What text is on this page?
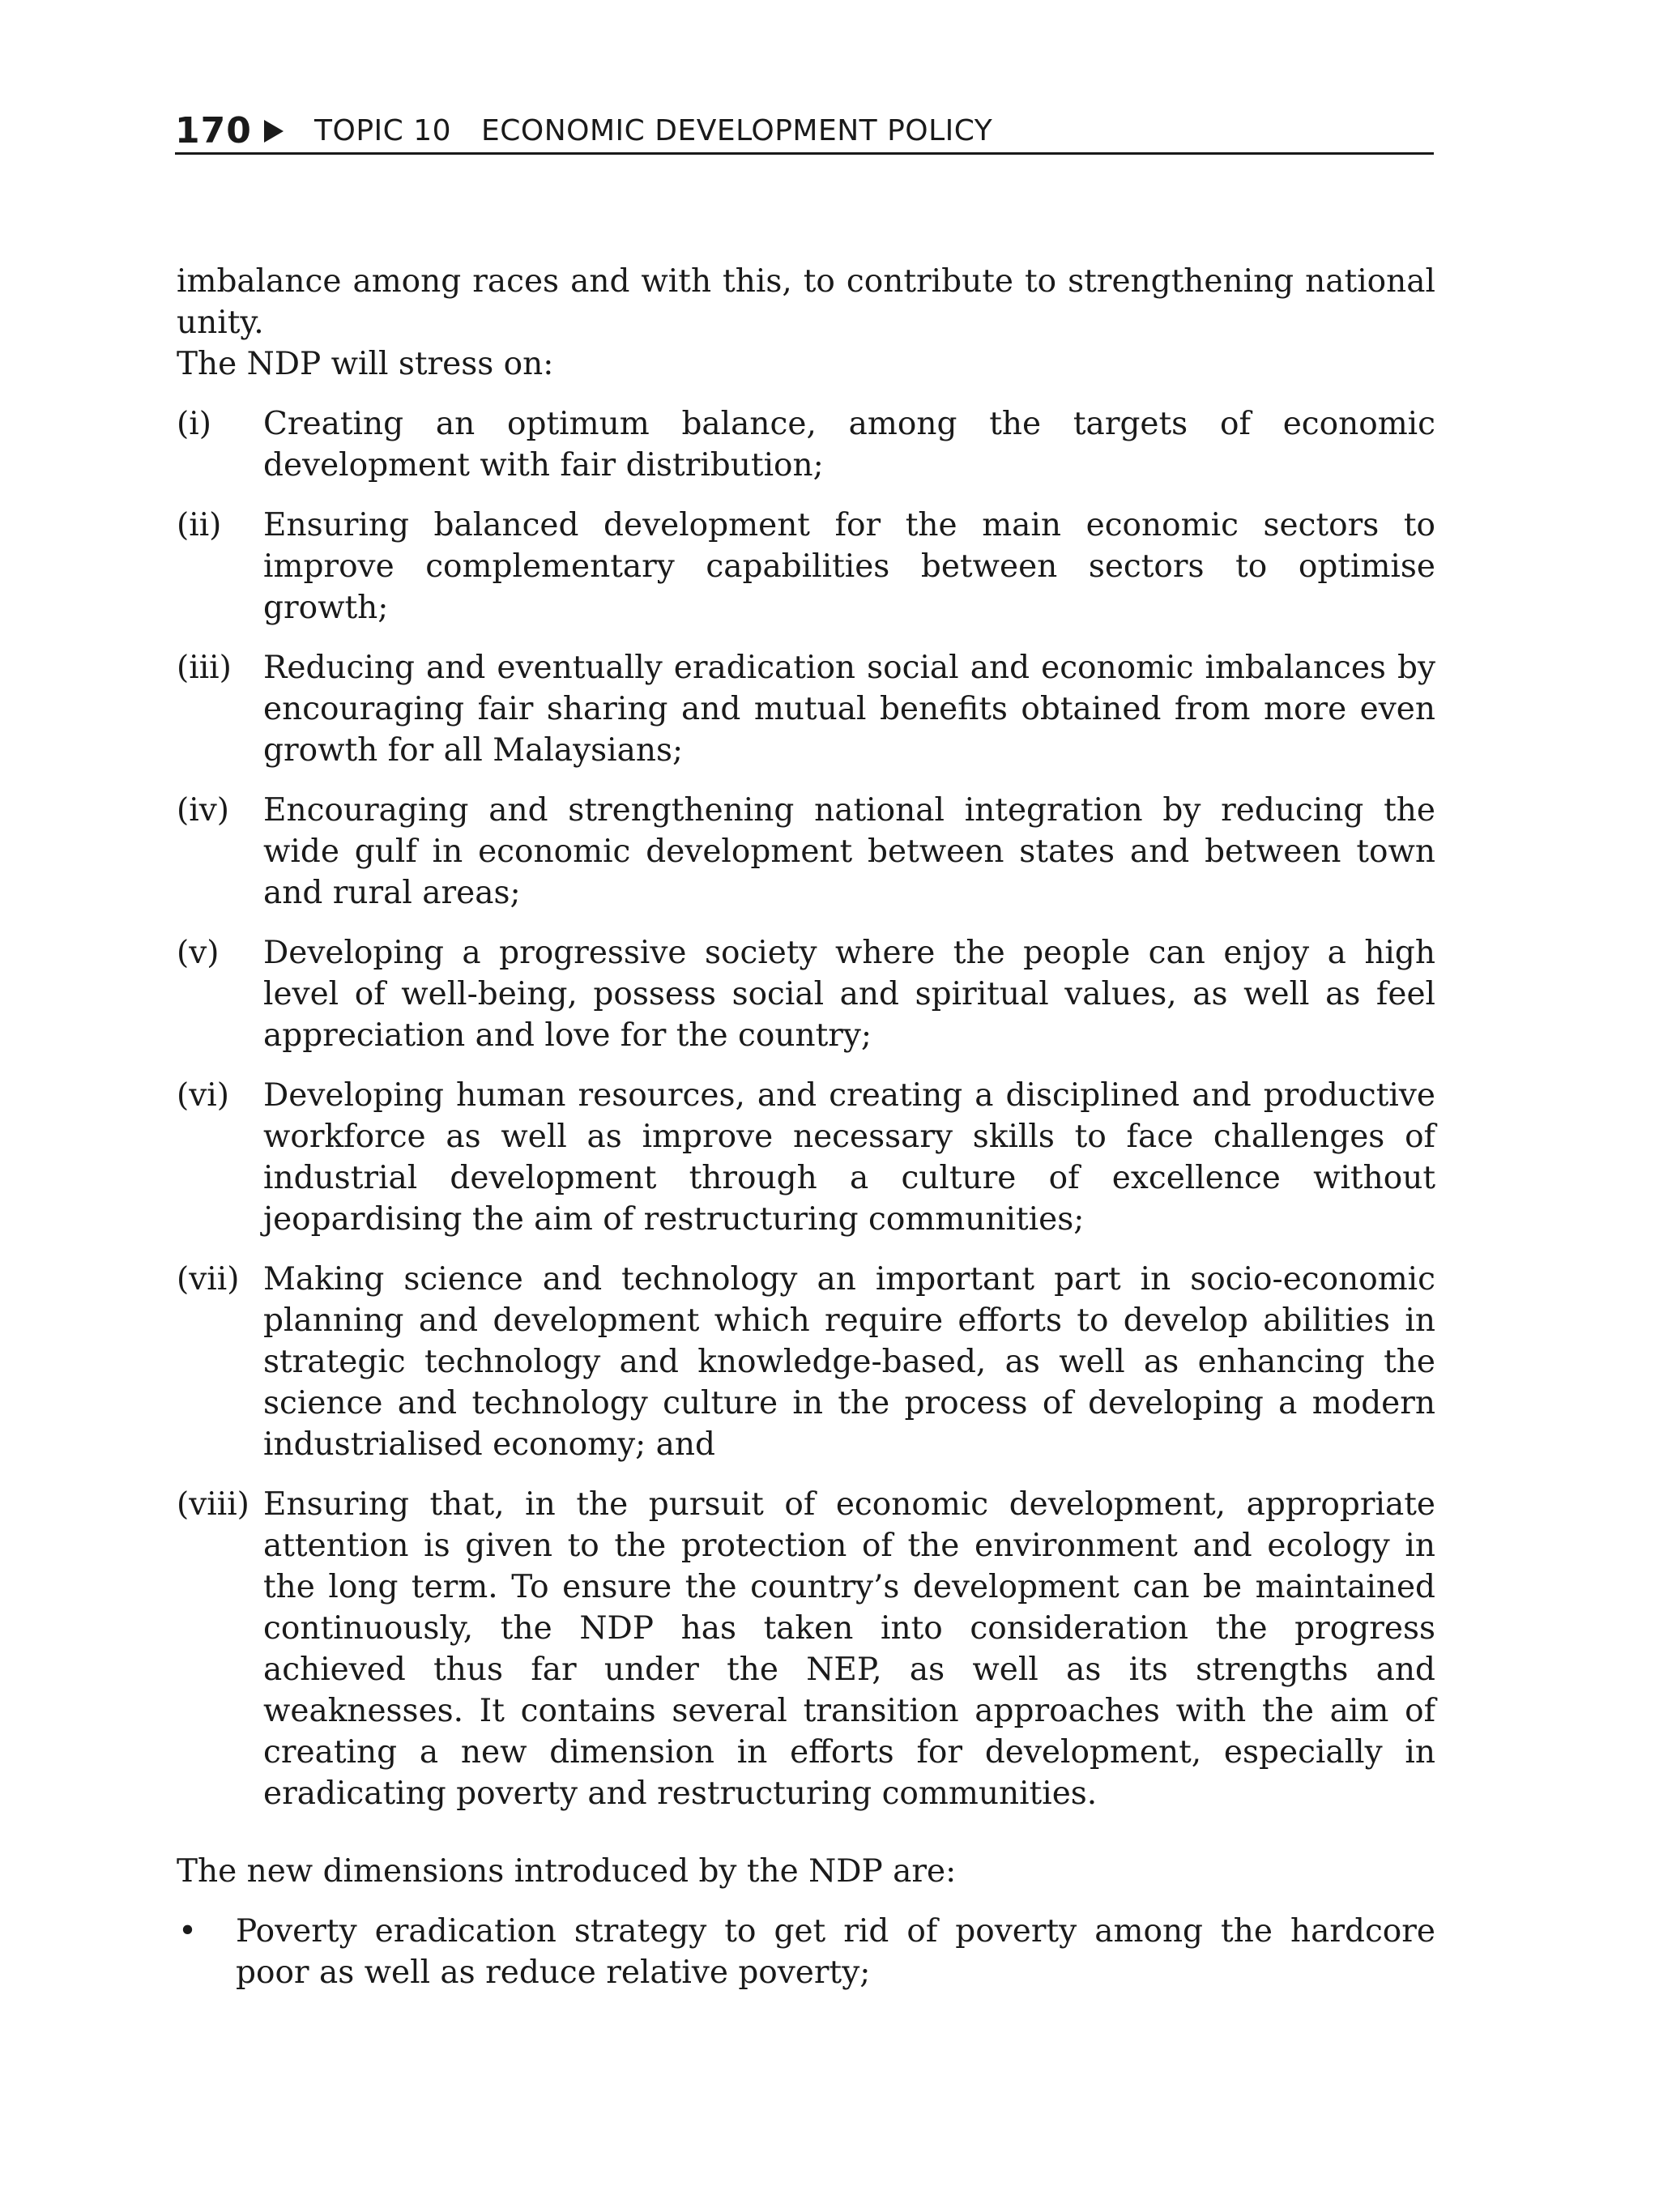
170 TOPIC 10 ECONOMIC DEVELOPMENT POLICY
imbalance among races and with this, to contribute to strengthening national unity.
The NDP will stress on:
(i)	Creating an optimum balance, among the targets of economic development with fair distribution;
(ii)	Ensuring balanced development for the main economic sectors to improve complementary capabilities between sectors to optimise growth;
(iii)	Reducing and eventually eradication social and economic imbalances by encouraging fair sharing and mutual benefits obtained from more even growth for all Malaysians;
(iv)	Encouraging and strengthening national integration by reducing the wide gulf in economic development between states and between town and rural areas;
(v)	Developing a progressive society where the people can enjoy a high level of well-being, possess social and spiritual values, as well as feel appreciation and love for the country;
(vi)	Developing human resources, and creating a disciplined and productive workforce as well as improve necessary skills to face challenges of industrial development through a culture of excellence without jeopardising the aim of restructuring communities;
(vii) Making science and technology an important part in socio-economic planning and development which require efforts to develop abilities in strategic technology and knowledge-based, as well as enhancing the science and technology culture in the process of developing a modern industrialised economy; and
(viii) Ensuring that, in the pursuit of economic development, appropriate attention is given to the protection of the environment and ecology in the long term. To ensure the country’s development can be maintained continuously, the NDP has taken into consideration the progress achieved thus far under the NEP, as well as its strengths and weaknesses. It contains several transition approaches with the aim of creating a new dimension in efforts for development, especially in eradicating poverty and restructuring communities.
The new dimensions introduced by the NDP are:
•	Poverty eradication strategy to get rid of poverty among the hardcore poor as well as reduce relative poverty;
